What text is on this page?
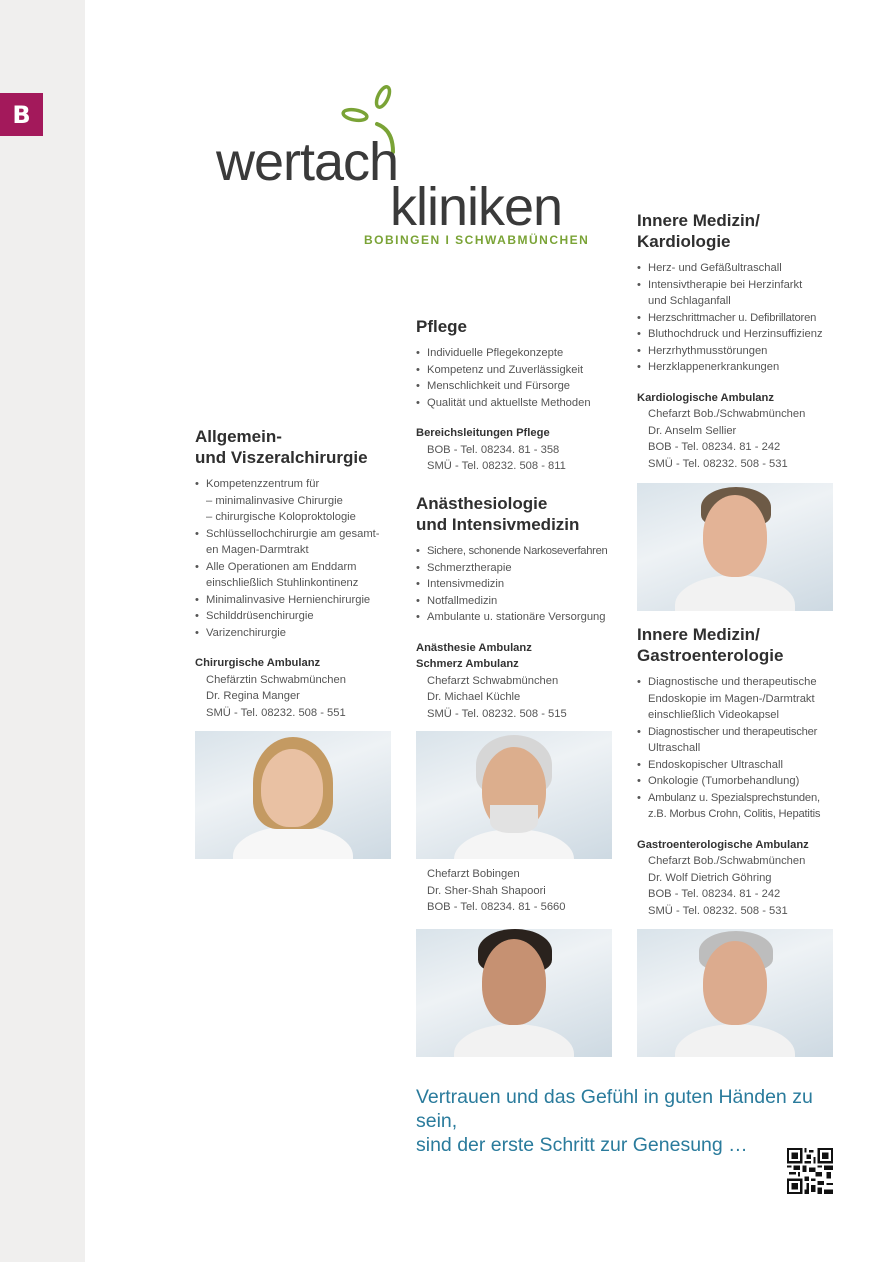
B
wertach
kliniken
BOBINGEN I SCHWABMÜNCHEN
Allgemein-
und Viszeralchirurgie
• Kompetenzzentrum für
– minimalinvasive Chirurgie
– chirurgische Koloproktologie
• Schlüssellochchirurgie am gesamt-
en Magen-Darmtrakt
• Alle Operationen am Enddarm
einschließlich Stuhlinkontinenz
• Minimalinvasive Hernienchirurgie
• Schilddrüsenchirurgie
• Varizenchirurgie
Chirurgische Ambulanz
Chefärztin Schwabmünchen
Dr. Regina Manger
SMÜ - Tel. 08232. 508 - 551
Pflege
• Individuelle Pflegekonzepte
• Kompetenz und Zuverlässigkeit
• Menschlichkeit und Fürsorge
• Qualität und aktuellste Methoden
Bereichsleitungen Pflege
BOB - Tel. 08234. 81 - 358
SMÜ - Tel. 08232. 508 - 811
Anästhesiologie
und Intensivmedizin
• Sichere, schonende Narkoseverfahren
• Schmerztherapie
• Intensivmedizin
• Notfallmedizin
• Ambulante u. stationäre Versorgung
Anästhesie Ambulanz
Schmerz Ambulanz
Chefarzt Schwabmünchen
Dr. Michael Küchle
SMÜ - Tel. 08232. 508 - 515
Chefarzt Bobingen
Dr. Sher-Shah Shapoori
BOB - Tel. 08234. 81 - 5660
Innere Medizin/
Kardiologie
• Herz- und Gefäßultraschall
• Intensivtherapie bei Herzinfarkt
und Schlaganfall
• Herzschrittmacher u. Defibrillatoren
• Bluthochdruck und Herzinsuffizienz
• Herzrhythmusstörungen
• Herzklappenerkrankungen
Kardiologische Ambulanz
Chefarzt Bob./Schwabmünchen
Dr. Anselm Sellier
BOB - Tel. 08234. 81 - 242
SMÜ - Tel. 08232. 508 - 531
Innere Medizin/
Gastroenterologie
• Diagnostische und therapeutische
Endoskopie im Magen-/Darmtrakt
einschließlich Videokapsel
• Diagnostischer und therapeutischer
Ultraschall
• Endoskopischer Ultraschall
• Onkologie (Tumorbehandlung)
• Ambulanz u. Spezialsprechstunden,
z.B. Morbus Crohn, Colitis, Hepatitis
Gastroenterologische Ambulanz
Chefarzt Bob./Schwabmünchen
Dr. Wolf Dietrich Göhring
BOB - Tel. 08234. 81 - 242
SMÜ - Tel. 08232. 508 - 531
Vertrauen und das Gefühl in guten Händen zu sein,
sind der erste Schritt zur Genesung …
